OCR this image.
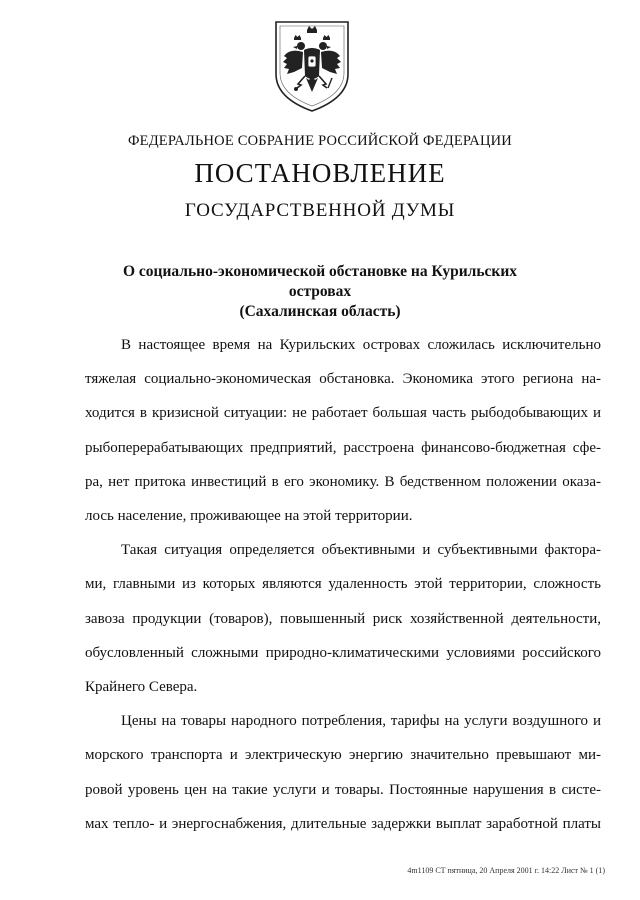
ФЕДЕРАЛЬНОЕ СОБРАНИЕ РОССИЙСКОЙ ФЕДЕРАЦИИ
ПОСТАНОВЛЕНИЕ
ГОСУДАРСТВЕННОЙ ДУМЫ
О социально-экономической обстановке на Курильских островах
(Сахалинская область)
В настоящее время на Курильских островах сложилась исключительно
тяжелая социально-экономическая обстановка. Экономика этого региона на-
ходится в кризисной ситуации: не работает большая часть рыбодобывающих и
рыбоперерабатывающих предприятий, расстроена финансово-бюджетная сфе-
ра, нет притока инвестиций в его экономику. В бедственном положении оказа-
лось население, проживающее на этой территории.
Такая ситуация определяется объективными и субъективными фактора-
ми, главными из которых являются удаленность этой территории, сложность
завоза продукции (товаров), повышенный риск хозяйственной деятельности,
обусловленный сложными природно-климатическими условиями российского
Крайнего Севера.
Цены на товары народного потребления, тарифы на услуги воздушного и
морского транспорта и электрическую энергию значительно превышают ми-
ровой уровень цен на такие услуги и товары. Постоянные нарушения в систе-
мах тепло- и энергоснабжения, длительные задержки выплат заработной платы
4m1109 СТ пятница, 20 Апреля 2001 г. 14:22 Лист № 1 (1)
